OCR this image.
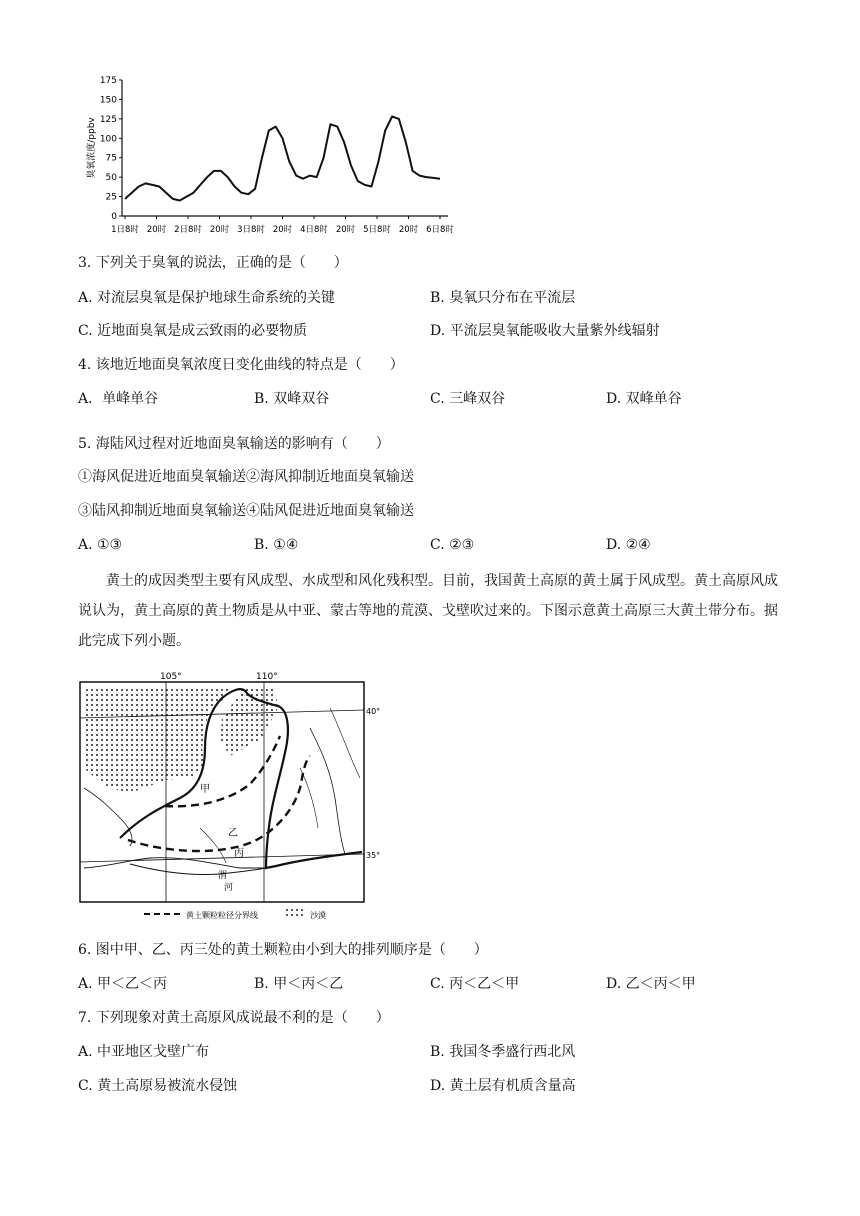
0
25
50
75
100
125
150
175
臭氧浓度/ppbv
1日8时 20时 2日8时 20时 3日8时 20时 4日8时 20时 5日8时 20时 6日8时
3. 下列关于臭氧的说法，正确的是（　　）
A. 对流层臭氧是保护地球生命系统的关键	B. 臭氧只分布在平流层
C. 近地面臭氧是成云致雨的必要物质	D. 平流层臭氧能吸收大量紫外线辐射
4. 该地近地面臭氧浓度日变化曲线的特点是（　　）
A．单峰单谷	B. 双峰双谷	C. 三峰双谷	D. 双峰单谷
5. 海陆风过程对近地面臭氧输送的影响有（　　）
①海风促进近地面臭氧输送②海风抑制近地面臭氧输送
③陆风抑制近地面臭氧输送④陆风促进近地面臭氧输送
A. ①③	B. ①④	C. ②③	D. ②④
黄土的成因类型主要有风成型、水成型和风化残积型。目前，我国黄土高原的黄土属于风成型。黄土高原风成说认为，黄土高原的黄土物质是从中亚、蒙古等地的荒漠、戈壁吹过来的。下图示意黄土高原三大黄土带分布。据此完成下列小题。
105°	110°
40°
35°
甲
乙
丙
渭
河
黄土颗粒粒径分界线	沙漠
6. 图中甲、乙、丙三处的黄土颗粒由小到大的排列顺序是（　　）
A. 甲＜乙＜丙	B. 甲＜丙＜乙	C. 丙＜乙＜甲	D. 乙＜丙＜甲
7. 下列现象对黄土高原风成说最不利的是（　　）
A. 中亚地区戈壁广布	B. 我国冬季盛行西北风
C. 黄土高原易被流水侵蚀	D. 黄土层有机质含量高
